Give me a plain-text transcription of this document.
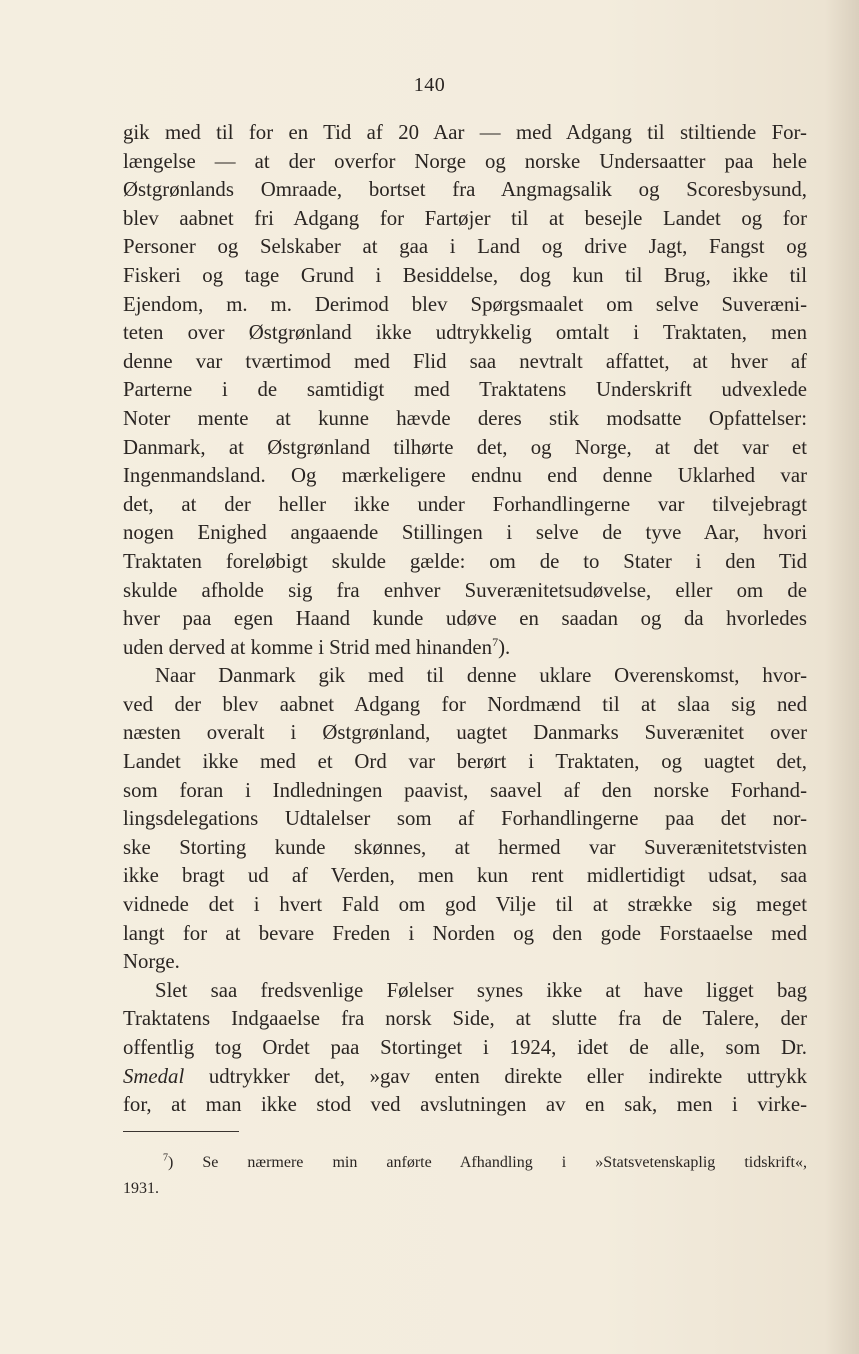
140
gik med til for en Tid af 20 Aar — med Adgang til stiltiende For-
længelse — at der overfor Norge og norske Undersaatter paa hele
Østgrønlands Omraade, bortset fra Angmagsalik og Scoresbysund,
blev aabnet fri Adgang for Fartøjer til at besejle Landet og for
Personer og Selskaber at gaa i Land og drive Jagt, Fangst og
Fiskeri og tage Grund i Besiddelse, dog kun til Brug, ikke til
Ejendom, m. m. Derimod blev Spørgsmaalet om selve Suveræni-
teten over Østgrønland ikke udtrykkelig omtalt i Traktaten, men
denne var tværtimod med Flid saa nevtralt affattet, at hver af
Parterne i de samtidigt med Traktatens Underskrift udvexlede
Noter mente at kunne hævde deres stik modsatte Opfattelser:
Danmark, at Østgrønland tilhørte det, og Norge, at det var et
Ingenmandsland. Og mærkeligere endnu end denne Uklarhed var
det, at der heller ikke under Forhandlingerne var tilvejebragt
nogen Enighed angaaende Stillingen i selve de tyve Aar, hvori
Traktaten foreløbigt skulde gælde: om de to Stater i den Tid
skulde afholde sig fra enhver Suverænitetsudøvelse, eller om de
hver paa egen Haand kunde udøve en saadan og da hvorledes
uden derved at komme i Strid med hinanden$^7$).
Naar Danmark gik med til denne uklare Overenskomst, hvor-
ved der blev aabnet Adgang for Nordmænd til at slaa sig ned
næsten overalt i Østgrønland, uagtet Danmarks Suverænitet over
Landet ikke med et Ord var berørt i Traktaten, og uagtet det,
som foran i Indledningen paavist, saavel af den norske Forhand-
lingsdelegations Udtalelser som af Forhandlingerne paa det nor-
ske Storting kunde skønnes, at hermed var Suverænitetstvisten
ikke bragt ud af Verden, men kun rent midlertidigt udsat, saa
vidnede det i hvert Fald om god Vilje til at strække sig meget
langt for at bevare Freden i Norden og den gode Forstaaelse med
Norge.
Slet saa fredsvenlige Følelser synes ikke at have ligget bag
Traktatens Indgaaelse fra norsk Side, at slutte fra de Talere, der
offentlig tog Ordet paa Stortinget i 1924, idet de alle, som Dr.
Smedal udtrykker det, »gav enten direkte eller indirekte uttrykk
for, at man ikke stod ved avslutningen av en sak, men i virke-
$^7$) Se nærmere min anførte Afhandling i »Statsvetenskaplig tidskrift«,
1931.
